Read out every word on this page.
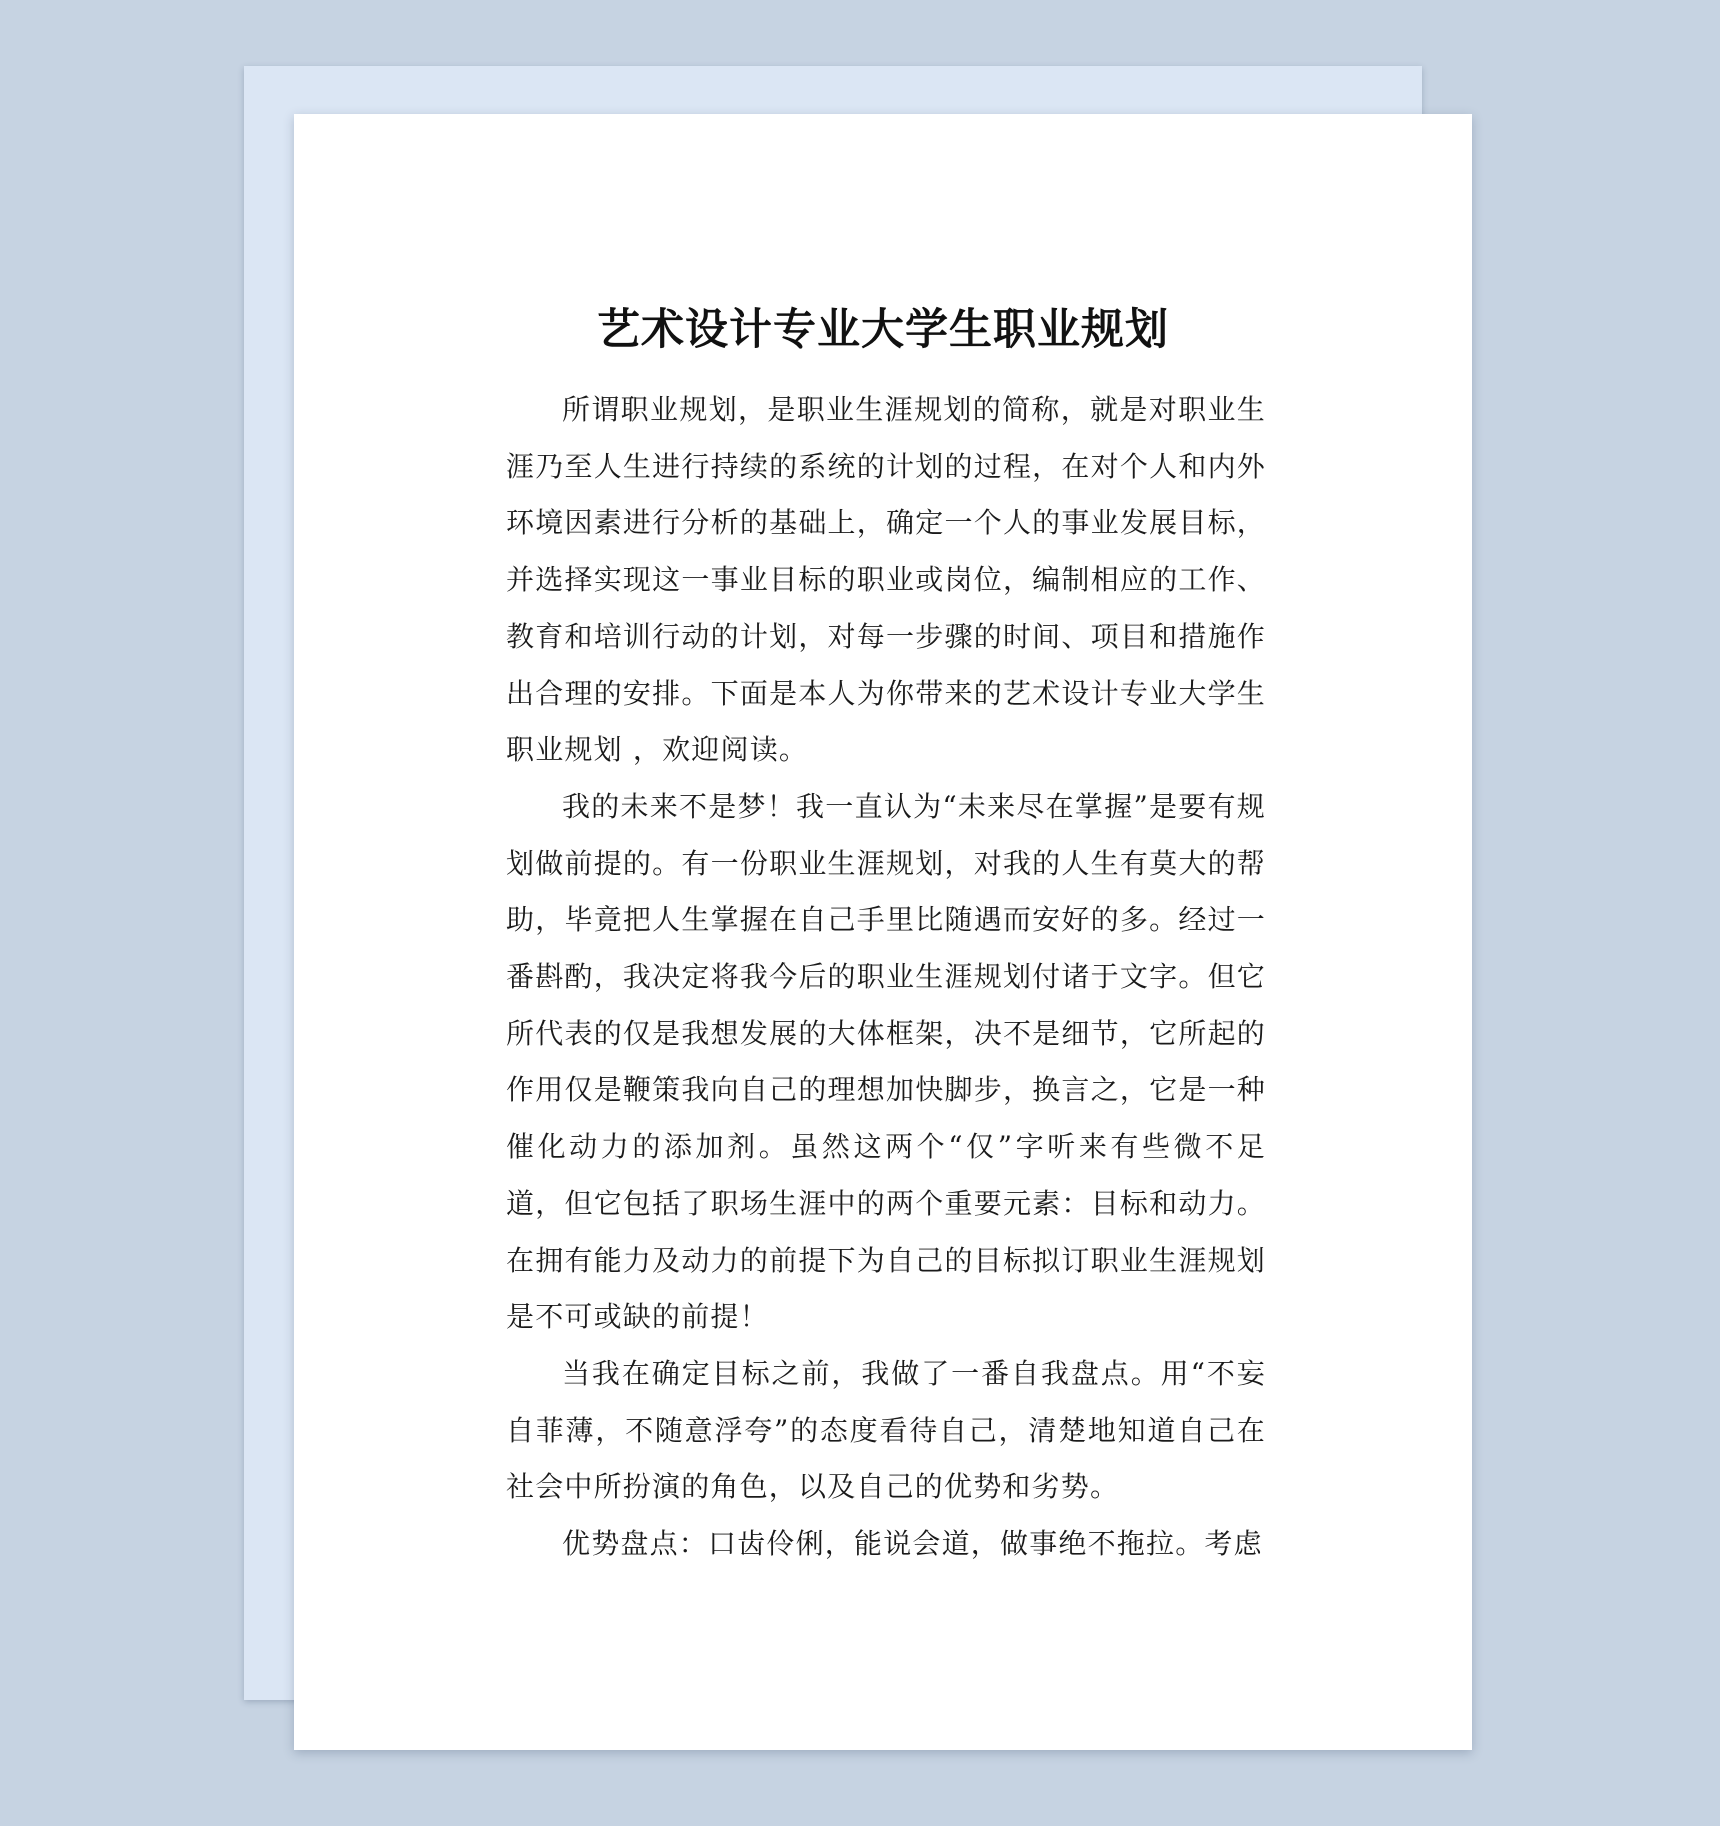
艺术设计专业大学生职业规划

所谓职业规划，是职业生涯规划的简称，就是对职业生涯乃至人生进行持续的系统的计划的过程，在对个人和内外环境因素进行分析的基础上，确定一个人的事业发展目标，并选择实现这一事业目标的职业或岗位，编制相应的工作、教育和培训行动的计划，对每一步骤的时间、项目和措施作出合理的安排。下面是本人为你带来的艺术设计专业大学生职业规划 ，欢迎阅读。

我的未来不是梦！我一直认为“未来尽在掌握”是要有规划做前提的。有一份职业生涯规划，对我的人生有莫大的帮助，毕竟把人生掌握在自己手里比随遇而安好的多。经过一番斟酌，我决定将我今后的职业生涯规划付诸于文字。但它所代表的仅是我想发展的大体框架，决不是细节，它所起的作用仅是鞭策我向自己的理想加快脚步，换言之，它是一种催化动力的添加剂。虽然这两个“仅”字听来有些微不足道，但它包括了职场生涯中的两个重要元素：目标和动力。在拥有能力及动力的前提下为自己的目标拟订职业生涯规划是不可或缺的前提！

当我在确定目标之前，我做了一番自我盘点。用“不妄自菲薄，不随意浮夸”的态度看待自己，清楚地知道自己在社会中所扮演的角色，以及自己的优势和劣势。

优势盘点：口齿伶俐，能说会道，做事绝不拖拉。考虑
